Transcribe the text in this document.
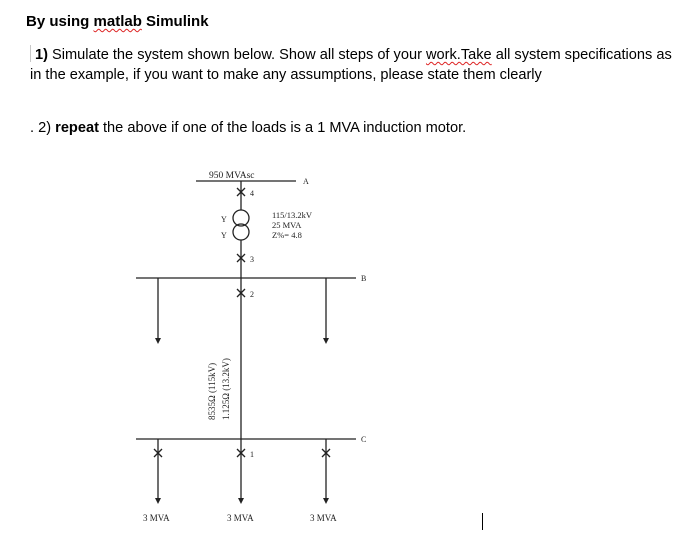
By using matlab Simulink

1) Simulate the system shown below. Show all steps of your work.Take all system specifications as in the example, if you want to make any assumptions, please state them clearly

. 2) repeat the above if one of the loads is a 1 MVA induction motor.

950 MVAsc
A
B
C
115/13.2kV
25 MVA
Z%= 4.8
Y
Y
4
3
2
1
8535Ω (115kV) 1.125Ω (13.2kV)
3 MVA	3 MVA	3 MVA
